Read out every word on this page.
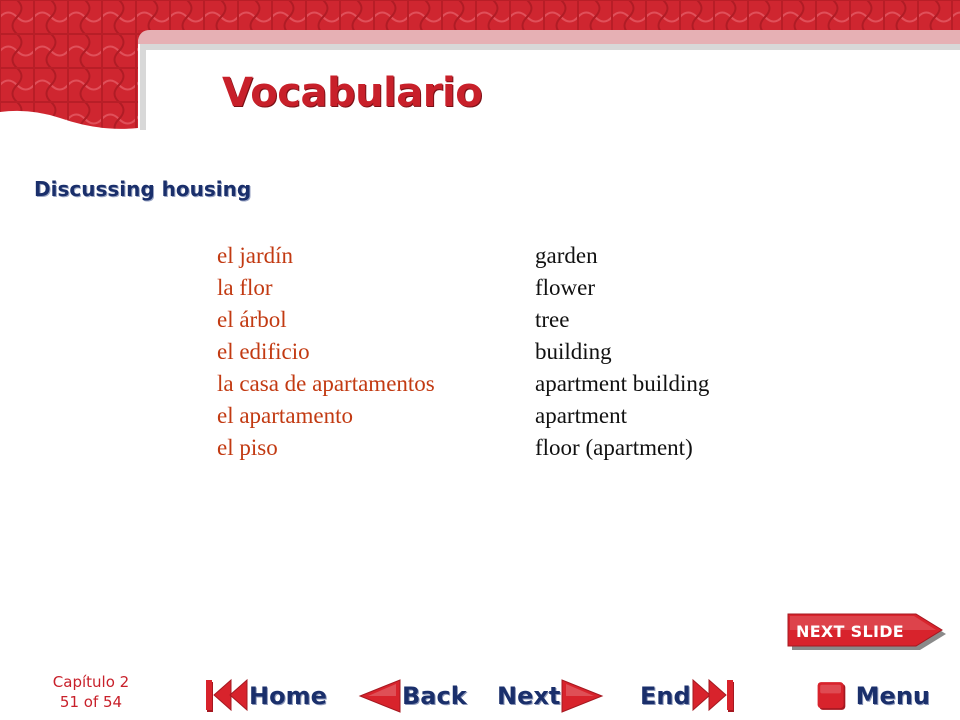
Vocabulario
Discussing housing
el jardín	garden
la flor	flower
el árbol	tree
el edificio	building
la casa de apartamentos	apartment building
el apartamento	apartment
el piso	floor (apartment)
NEXT SLIDE
Capítulo 2
51 of 54	Home	Back Next	End	Menu
